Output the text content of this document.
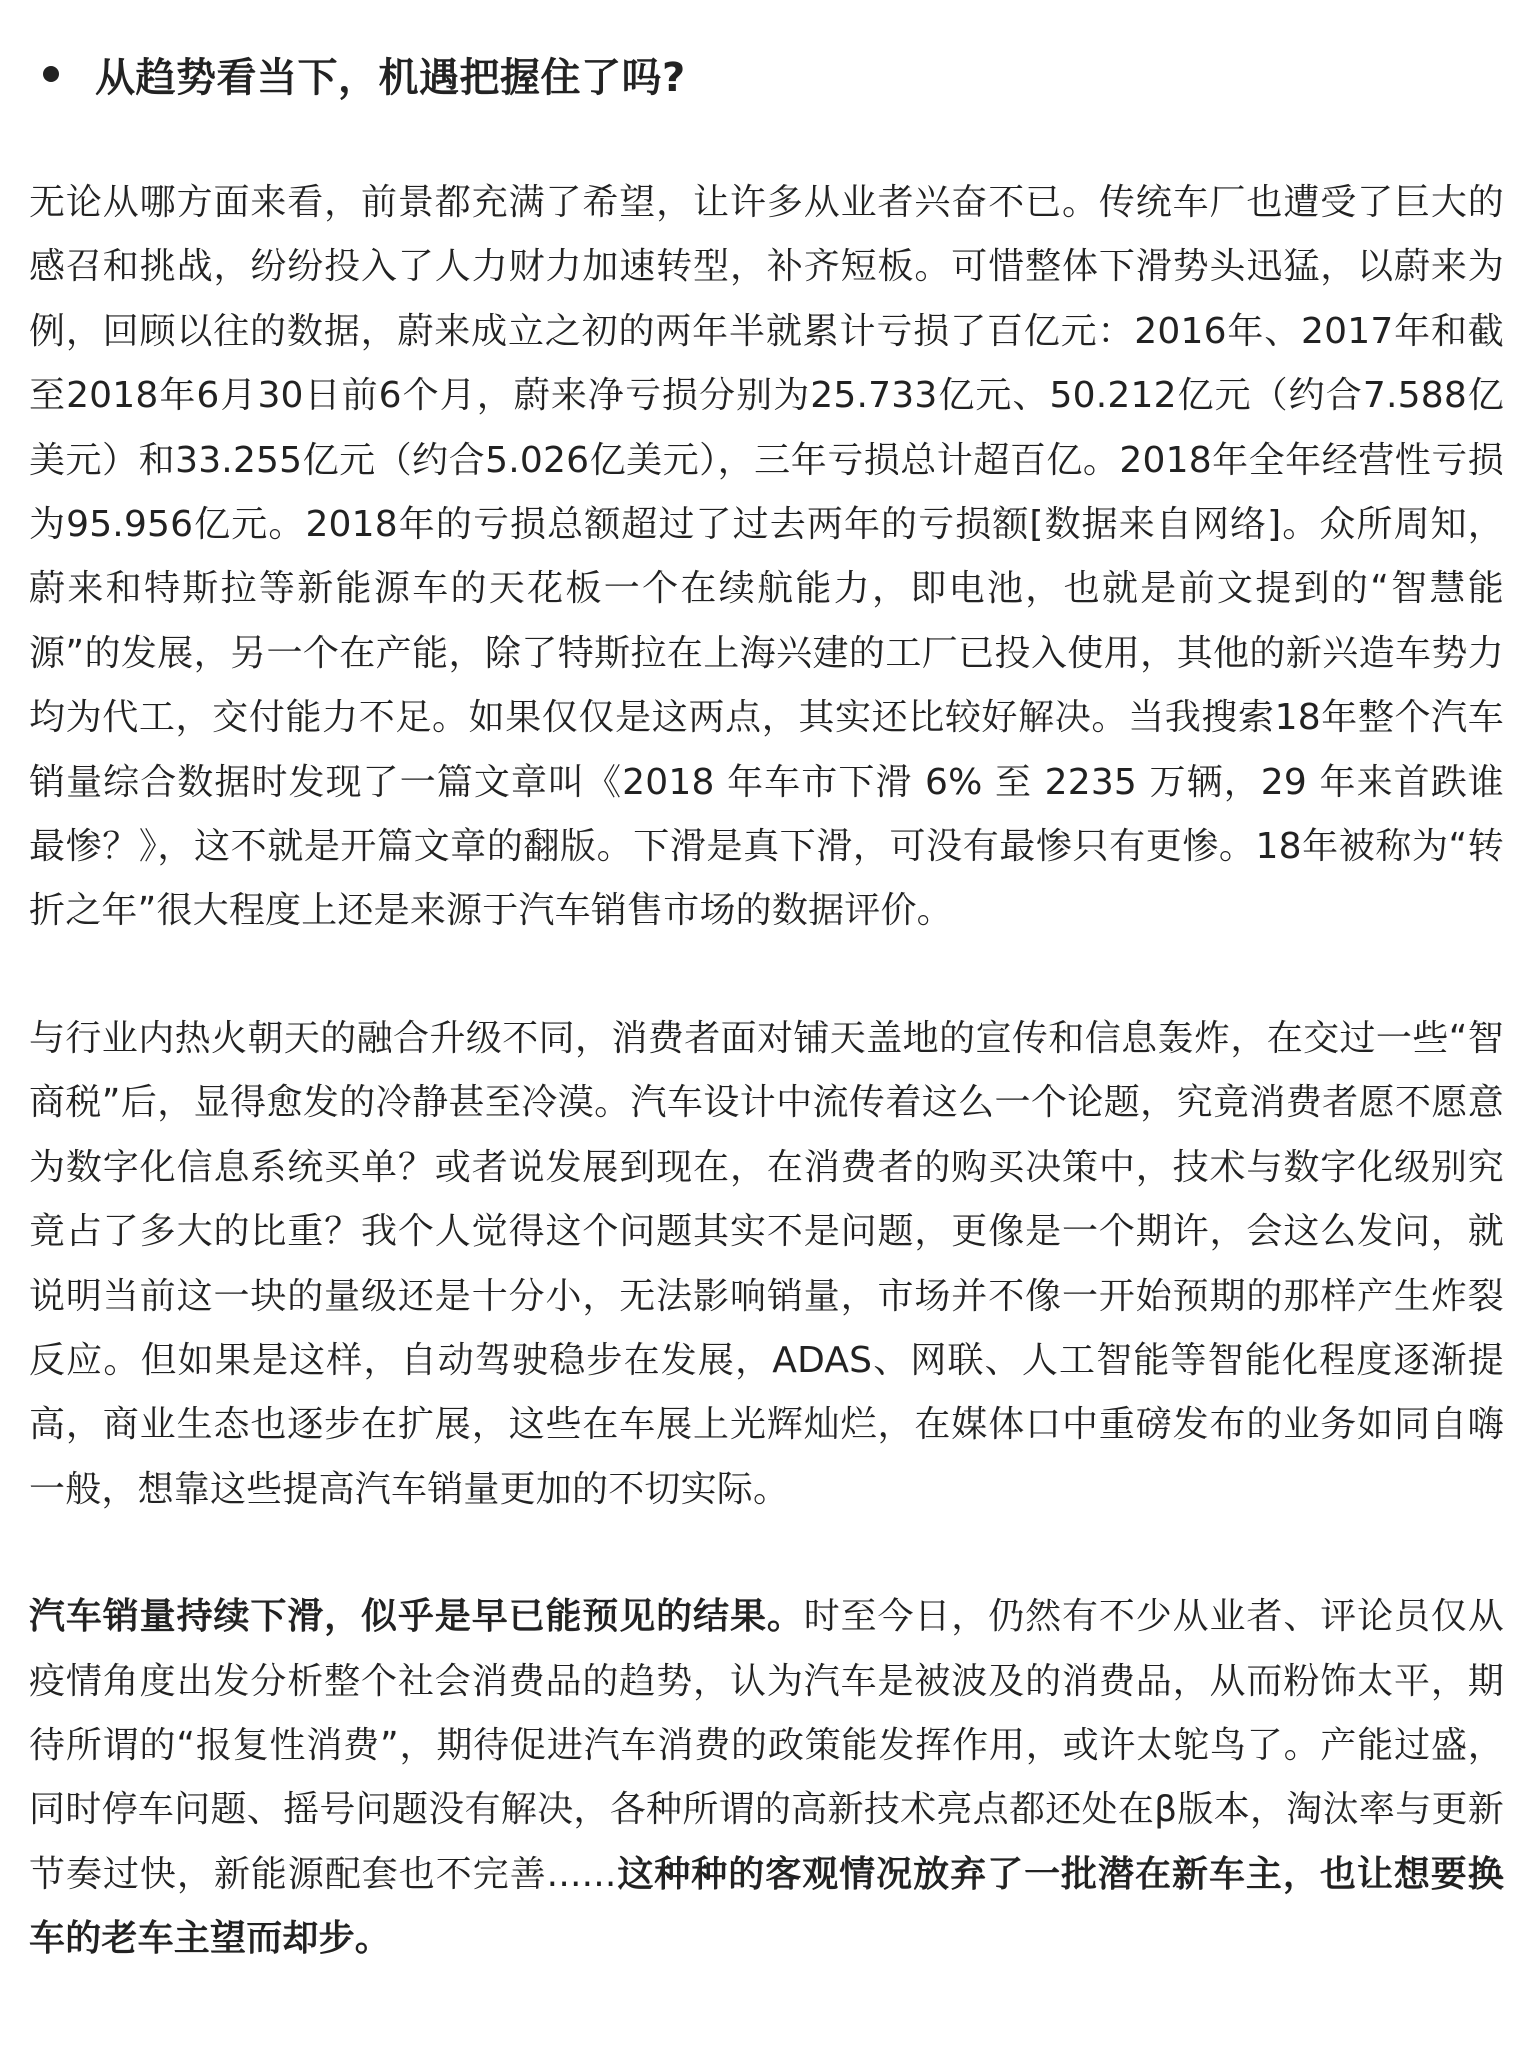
从趋势看当下，机遇把握住了吗?

无论从哪方面来看，前景都充满了希望，让许多从业者兴奋不已。传统车厂也遭受了巨大的感召和挑战，纷纷投入了人力财力加速转型，补齐短板。可惜整体下滑势头迅猛，以蔚来为例，回顾以往的数据，蔚来成立之初的两年半就累计亏损了百亿元：2016年、2017年和截至2018年6月30日前6个月，蔚来净亏损分别为25.733亿元、50.212亿元（约合7.588亿美元）和33.255亿元（约合5.026亿美元），三年亏损总计超百亿。2018年全年经营性亏损为95.956亿元。2018年的亏损总额超过了过去两年的亏损额[数据来自网络]。众所周知，蔚来和特斯拉等新能源车的天花板一个在续航能力，即电池，也就是前文提到的“智慧能源”的发展，另一个在产能，除了特斯拉在上海兴建的工厂已投入使用，其他的新兴造车势力均为代工，交付能力不足。如果仅仅是这两点，其实还比较好解决。当我搜索18年整个汽车销量综合数据时发现了一篇文章叫《2018 年车市下滑 6% 至 2235 万辆，29 年来首跌谁最惨？》，这不就是开篇文章的翻版。下滑是真下滑，可没有最惨只有更惨。18年被称为“转折之年”很大程度上还是来源于汽车销售市场的数据评价。

与行业内热火朝天的融合升级不同，消费者面对铺天盖地的宣传和信息轰炸，在交过一些“智商税”后，显得愈发的冷静甚至冷漠。汽车设计中流传着这么一个论题，究竟消费者愿不愿意为数字化信息系统买单？或者说发展到现在，在消费者的购买决策中，技术与数字化级别究竟占了多大的比重？我个人觉得这个问题其实不是问题，更像是一个期许，会这么发问，就说明当前这一块的量级还是十分小，无法影响销量，市场并不像一开始预期的那样产生炸裂反应。但如果是这样，自动驾驶稳步在发展，ADAS、网联、人工智能等智能化程度逐渐提高，商业生态也逐步在扩展，这些在车展上光辉灿烂，在媒体口中重磅发布的业务如同自嗨一般，想靠这些提高汽车销量更加的不切实际。

汽车销量持续下滑，似乎是早已能预见的结果。时至今日，仍然有不少从业者、评论员仅从疫情角度出发分析整个社会消费品的趋势，认为汽车是被波及的消费品，从而粉饰太平，期待所谓的“报复性消费”，期待促进汽车消费的政策能发挥作用，或许太鸵鸟了。产能过盛，同时停车问题、摇号问题没有解决，各种所谓的高新技术亮点都还处在β版本，淘汰率与更新节奏过快，新能源配套也不完善......这种种的客观情况放弃了一批潜在新车主，也让想要换车的老车主望而却步。
